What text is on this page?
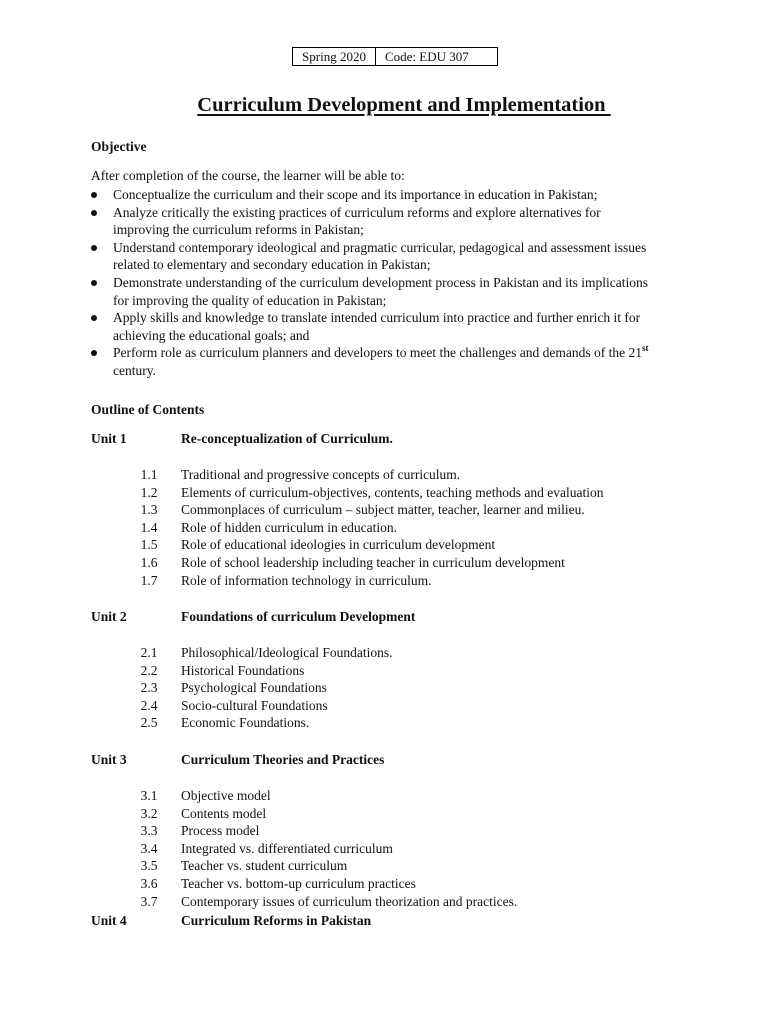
Spring 2020	Code: EDU 307
Curriculum Development and Implementation
Objective
After completion of the course, the learner will be able to:
Conceptualize the curriculum and their scope and its importance in education in Pakistan;
Analyze critically the existing practices of curriculum reforms and explore alternatives for
improving the curriculum reforms in Pakistan;
Understand contemporary ideological and pragmatic curricular, pedagogical and assessment issues
related to elementary and secondary education in Pakistan;
Demonstrate understanding of the curriculum development process in Pakistan and its implications
for improving the quality of education in Pakistan;
Apply skills and knowledge to translate intended curriculum into practice and further enrich it for
achieving the educational goals; and
Perform role as curriculum planners and developers to meet the challenges and demands of the 21st
century.
Outline of Contents
Unit 1	Re-conceptualization of Curriculum.
1.1	Traditional and progressive concepts of curriculum.
1.2	Elements of curriculum-objectives, contents, teaching methods and evaluation
1.3	Commonplaces of curriculum – subject matter, teacher, learner and milieu.
1.4	Role of hidden curriculum in education.
1.5	Role of educational ideologies in curriculum development
1.6	Role of school leadership including teacher in curriculum development
1.7	Role of information technology in curriculum.
Unit 2	Foundations of curriculum Development
2.1	Philosophical/Ideological Foundations.
2.2	Historical Foundations
2.3	Psychological Foundations
2.4	Socio-cultural Foundations
2.5	Economic Foundations.
Unit 3	Curriculum Theories and Practices
3.1	Objective model
3.2	Contents model
3.3	Process model
3.4	Integrated vs. differentiated curriculum
3.5	Teacher vs. student curriculum
3.6	Teacher vs. bottom-up curriculum practices
3.7	Contemporary issues of curriculum theorization and practices.
Unit 4	Curriculum Reforms in Pakistan
